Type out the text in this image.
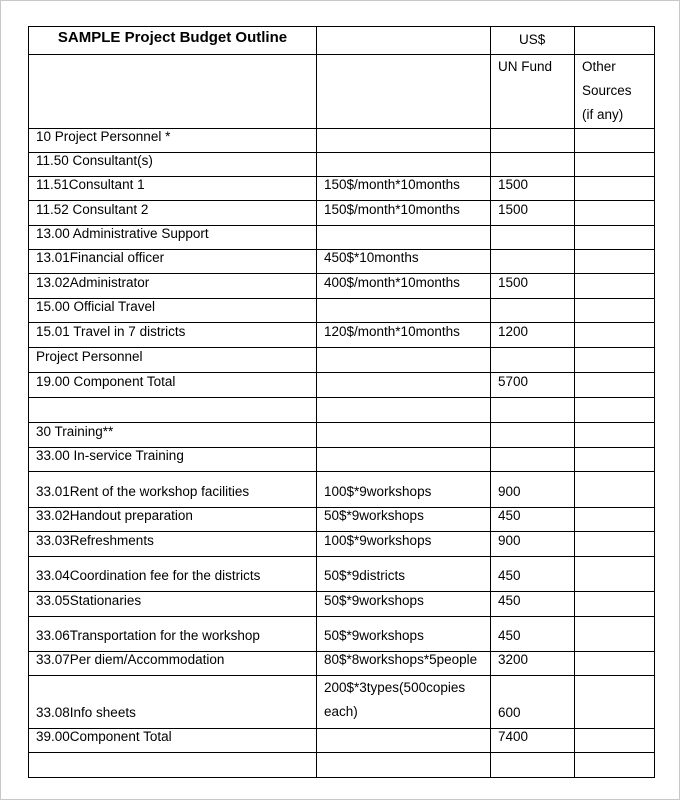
SAMPLE Project Budget Outline		US$	
		UN Fund	Other
Sources
(if any)

10 Project Personnel *			
11.50 Consultant(s)			
11.51Consultant 1	150$/month*10months	1500	
11.52 Consultant 2	150$/month*10months	1500	
13.00 Administrative Support			
13.01Financial officer	450$*10months		
13.02Administrator	400$/month*10months	1500	
15.00 Official Travel			
15.01 Travel in 7 districts	120$/month*10months	1200	
Project Personnel			
19.00 Component Total		5700	

30 Training**			
33.00 In-service Training			
33.01Rent of the workshop facilities	100$*9workshops	900	
33.02Handout preparation	50$*9workshops	450	
33.03Refreshments	100$*9workshops	900	
33.04Coordination fee for the districts	50$*9districts	450	
33.05Stationaries	50$*9workshops	450	
33.06Transportation for the workshop	50$*9workshops	450	
33.07Per diem/Accommodation	80$*8workshops*5people	3200	
33.08Info sheets	200$*3types(500copies each)	600	
39.00Component Total		7400	
